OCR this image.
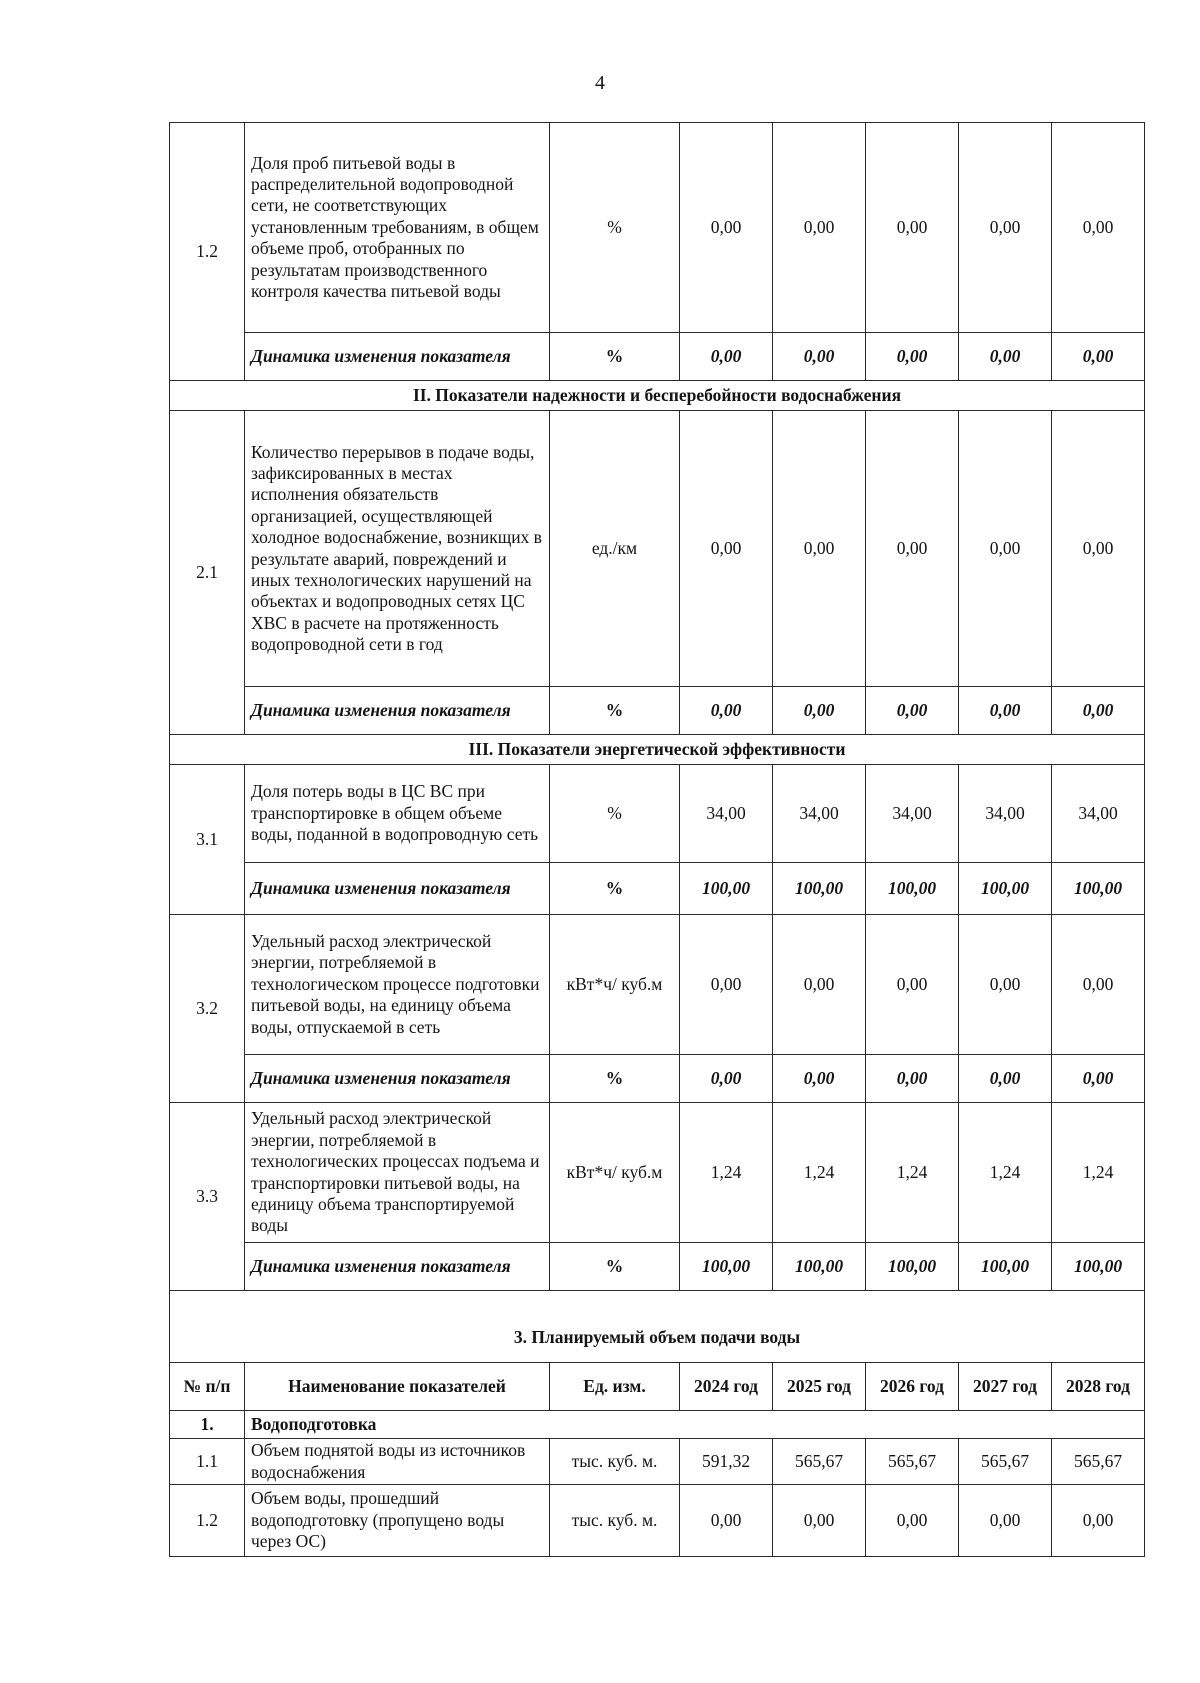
4
1.2	Доля проб питьевой воды в распределительной водопроводной сети, не соответствующих установленным требованиям, в общем объеме проб, отобранных по результатам производственного контроля качества питьевой воды	%	0,00	0,00	0,00	0,00	0,00
	Динамика изменения показателя	%	0,00	0,00	0,00	0,00	0,00
II. Показатели надежности и бесперебойности водоснабжения							
2.1	Количество перерывов в подаче воды, зафиксированных в местах исполнения обязательств организацией, осуществляющей холодное водоснабжение, возникщих в результате аварий, повреждений и иных технологических нарушений на объектах и водопроводных сетях ЦС ХВС в расчете на протяженность водопроводной сети в год	ед./км	0,00	0,00	0,00	0,00	0,00
	Динамика изменения показателя	%	0,00	0,00	0,00	0,00	0,00
III. Показатели энергетической эффективности							
3.1	Доля потерь воды в ЦС ВС при транспортировке в общем объеме воды, поданной в водопроводную сеть	%	34,00	34,00	34,00	34,00	34,00
	Динамика изменения показателя	%	100,00	100,00	100,00	100,00	100,00
3.2	Удельный расход электрической энергии, потребляемой в технологическом процессе подготовки питьевой воды, на единицу объема воды, отпускаемой в сеть	кВт*ч/ куб.м	0,00	0,00	0,00	0,00	0,00
	Динамика изменения показателя	%	0,00	0,00	0,00	0,00	0,00
3.3	Удельный расход электрической энергии, потребляемой в технологических процессах подъема и транспортировки питьевой воды, на единицу объема транспортируемой воды	кВт*ч/ куб.м	1,24	1,24	1,24	1,24	1,24
	Динамика изменения показателя	%	100,00	100,00	100,00	100,00	100,00
3. Планируемый объем подачи воды							
№ п/п	Наименование показателей	Ед. изм.	2024 год	2025 год	2026 год	2027 год	2028 год
1.	Водоподготовка						
1.1	Объем поднятой воды из источников водоснабжения	тыс. куб. м.	591,32	565,67	565,67	565,67	565,67
1.2	Объем воды, прошедший водоподготовку (пропущено воды через ОС)	тыс. куб. м.	0,00	0,00	0,00	0,00	0,00
